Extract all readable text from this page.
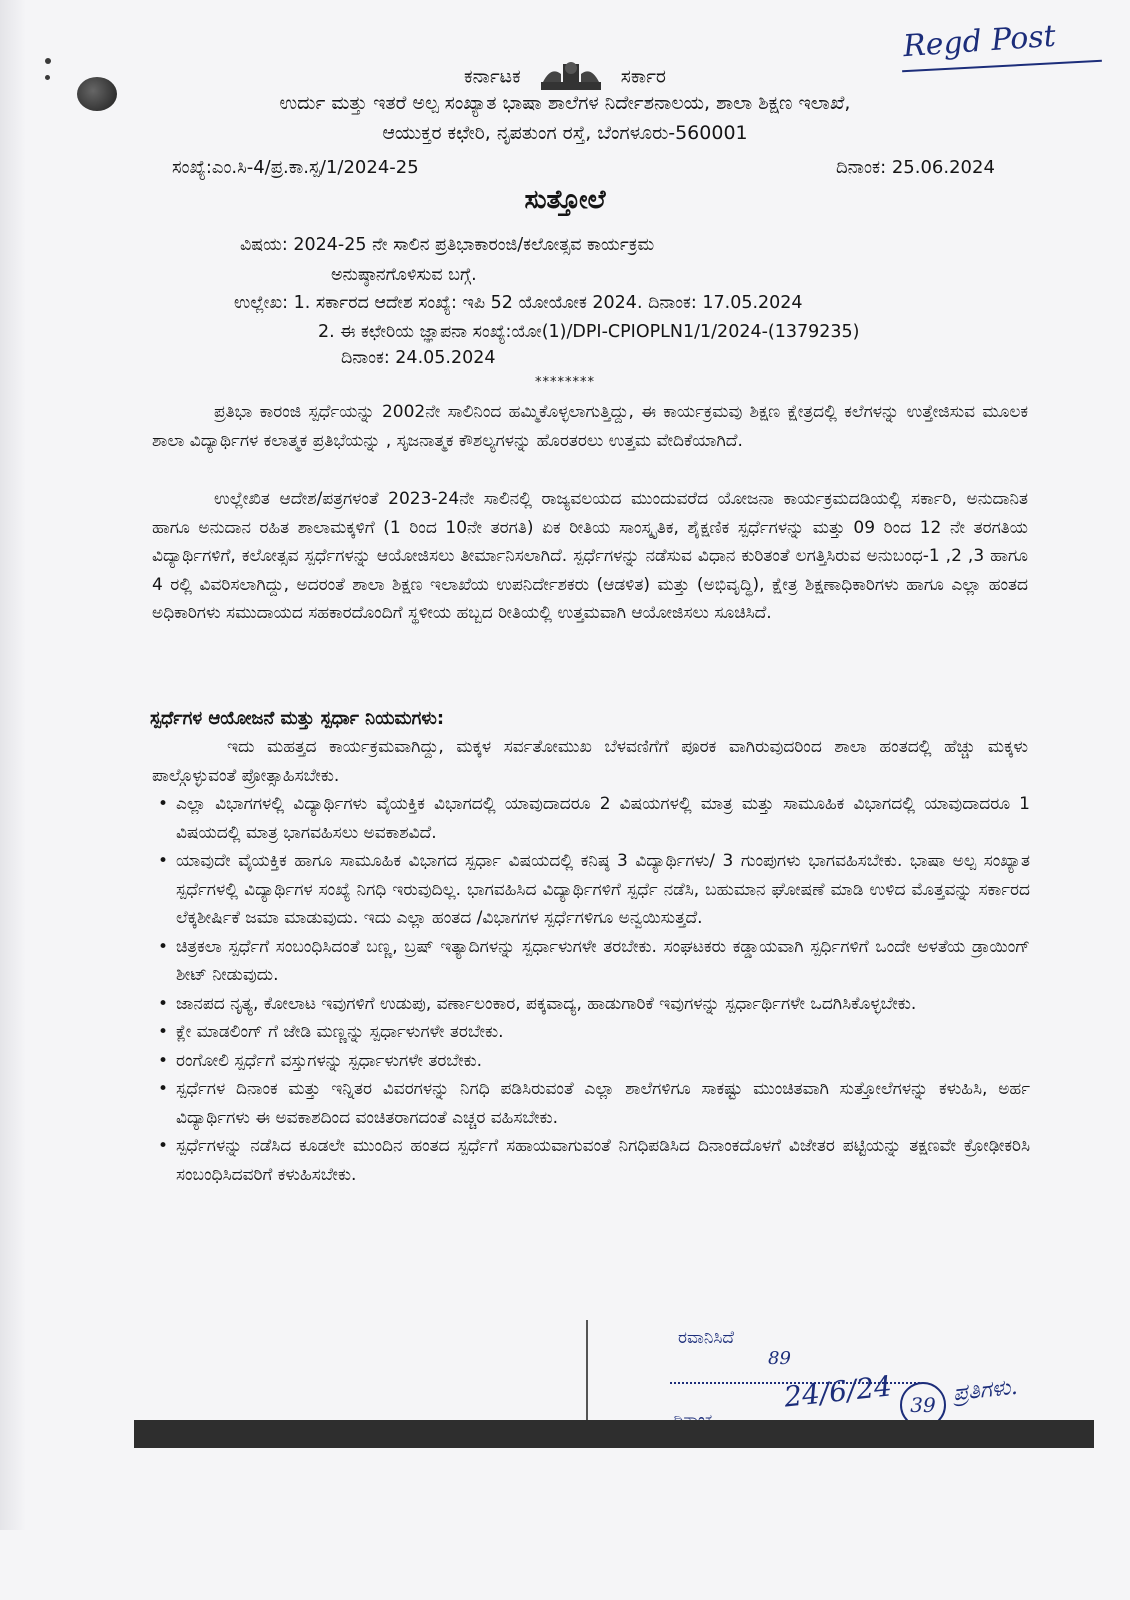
Regd Post
ಕರ್ನಾಟಕ	ಸರ್ಕಾರ
ಉರ್ದು ಮತ್ತು ಇತರೆ ಅಲ್ಪ ಸಂಖ್ಯಾತ ಭಾಷಾ ಶಾಲೆಗಳ ನಿರ್ದೇಶನಾಲಯ, ಶಾಲಾ ಶಿಕ್ಷಣ ಇಲಾಖೆ,
ಆಯುಕ್ತರ ಕಛೇರಿ, ನೃಪತುಂಗ ರಸ್ತೆ, ಬೆಂಗಳೂರು-560001
ಸಂಖ್ಯೆ:ಎಂ.ಸಿ-4/ಪ್ರ.ಕಾ.ಸ್ಪ/1/2024-25	ದಿನಾಂಕ: 25.06.2024
ಸುತ್ತೋಲೆ
ವಿಷಯ: 2024-25 ನೇ ಸಾಲಿನ ಪ್ರತಿಭಾಕಾರಂಜಿ/ಕಲೋತ್ಸವ ಕಾರ್ಯಕ್ರಮ
ಅನುಷ್ಠಾನಗೊಳಿಸುವ ಬಗ್ಗೆ.
ಉಲ್ಲೇಖ: 1. ಸರ್ಕಾರದ ಆದೇಶ ಸಂಖ್ಯೆ: ಇಪಿ 52 ಯೋಯೋಕ 2024. ದಿನಾಂಕ: 17.05.2024
2. ಈ ಕಛೇರಿಯ ಜ್ಞಾಪನಾ ಸಂಖ್ಯೆ:ಯೋ(1)/DPI-CPIOPLN1/1/2024-(1379235)
ದಿನಾಂಕ: 24.05.2024
********
ಪ್ರತಿಭಾ ಕಾರಂಜಿ ಸ್ಪರ್ಧೆಯನ್ನು 2002ನೇ ಸಾಲಿನಿಂದ ಹಮ್ಮಿಕೊಳ್ಳಲಾಗುತ್ತಿದ್ದು, ಈ ಕಾರ್ಯಕ್ರಮವು ಶಿಕ್ಷಣ ಕ್ಷೇತ್ರದಲ್ಲಿ ಕಲೆಗಳನ್ನು ಉತ್ತೇಜಿಸುವ ಮೂಲಕ ಶಾಲಾ ವಿದ್ಯಾರ್ಥಿಗಳ ಕಲಾತ್ಮಕ ಪ್ರತಿಭೆಯನ್ನು , ಸೃಜನಾತ್ಮಕ ಕೌಶಲ್ಯಗಳನ್ನು ಹೊರತರಲು ಉತ್ತಮ ವೇದಿಕೆಯಾಗಿದೆ.
ಉಲ್ಲೇಖಿತ ಆದೇಶ/ಪತ್ರಗಳಂತೆ 2023-24ನೇ ಸಾಲಿನಲ್ಲಿ ರಾಜ್ಯವಲಯದ ಮುಂದುವರೆದ ಯೋಜನಾ ಕಾರ್ಯಕ್ರಮದಡಿಯಲ್ಲಿ ಸರ್ಕಾರಿ, ಅನುದಾನಿತ ಹಾಗೂ ಅನುದಾನ ರಹಿತ ಶಾಲಾಮಕ್ಕಳಿಗೆ (1 ರಿಂದ 10ನೇ ತರಗತಿ) ಏಕ ರೀತಿಯ ಸಾಂಸ್ಕೃತಿಕ, ಶೈಕ್ಷಣಿಕ ಸ್ಪರ್ಧೆಗಳನ್ನು ಮತ್ತು 09 ರಿಂದ 12 ನೇ ತರಗತಿಯ ವಿದ್ಯಾರ್ಥಿಗಳಿಗೆ, ಕಲೋತ್ಸವ ಸ್ಪರ್ಧೆಗಳನ್ನು ಆಯೋಜಿಸಲು ತೀರ್ಮಾನಿಸಲಾಗಿದೆ. ಸ್ಪರ್ಧೆಗಳನ್ನು ನಡೆಸುವ ವಿಧಾನ ಕುರಿತಂತೆ ಲಗತ್ತಿಸಿರುವ ಅನುಬಂಧ-1 ,2 ,3 ಹಾಗೂ 4 ರಲ್ಲಿ ವಿವರಿಸಲಾಗಿದ್ದು, ಅದರಂತೆ ಶಾಲಾ ಶಿಕ್ಷಣ ಇಲಾಖೆಯ ಉಪನಿರ್ದೇಶಕರು (ಆಡಳಿತ) ಮತ್ತು (ಅಭಿವೃದ್ಧಿ), ಕ್ಷೇತ್ರ ಶಿಕ್ಷಣಾಧಿಕಾರಿಗಳು ಹಾಗೂ ಎಲ್ಲಾ ಹಂತದ ಅಧಿಕಾರಿಗಳು ಸಮುದಾಯದ ಸಹಕಾರದೊಂದಿಗೆ ಸ್ಥಳೀಯ ಹಬ್ಬದ ರೀತಿಯಲ್ಲಿ ಉತ್ತಮವಾಗಿ ಆಯೋಜಿಸಲು ಸೂಚಿಸಿದೆ.
ಸ್ಪರ್ಧೆಗಳ ಆಯೋಜನೆ ಮತ್ತು ಸ್ಪರ್ಧಾ ನಿಯಮಗಳು:
ಇದು ಮಹತ್ತದ ಕಾರ್ಯಕ್ರಮವಾಗಿದ್ದು, ಮಕ್ಕಳ ಸರ್ವತೋಮುಖ ಬೆಳವಣಿಗೆಗೆ ಪೂರಕ ವಾಗಿರುವುದರಿಂದ ಶಾಲಾ ಹಂತದಲ್ಲಿ ಹೆಚ್ಚು ಮಕ್ಕಳು ಪಾಲ್ಗೊಳ್ಳುವಂತೆ ಪ್ರೋತ್ಸಾಹಿಸಬೇಕು.
• ಎಲ್ಲಾ ವಿಭಾಗಗಳಲ್ಲಿ ವಿದ್ಯಾರ್ಥಿಗಳು ವೈಯಕ್ತಿಕ ವಿಭಾಗದಲ್ಲಿ ಯಾವುದಾದರೂ 2 ವಿಷಯಗಳಲ್ಲಿ ಮಾತ್ರ ಮತ್ತು ಸಾಮೂಹಿಕ ವಿಭಾಗದಲ್ಲಿ ಯಾವುದಾದರೂ 1 ವಿಷಯದಲ್ಲಿ ಮಾತ್ರ ಭಾಗವಹಿಸಲು ಅವಕಾಶವಿದೆ.
• ಯಾವುದೇ ವೈಯಕ್ತಿಕ ಹಾಗೂ ಸಾಮೂಹಿಕ ವಿಭಾಗದ ಸ್ಪರ್ಧಾ ವಿಷಯದಲ್ಲಿ ಕನಿಷ್ಠ 3 ವಿದ್ಯಾರ್ಥಿಗಳು/ 3 ಗುಂಪುಗಳು ಭಾಗವಹಿಸಬೇಕು. ಭಾಷಾ ಅಲ್ಪ ಸಂಖ್ಯಾತ ಸ್ಪರ್ಧೆಗಳಲ್ಲಿ ವಿದ್ಯಾರ್ಥಿಗಳ ಸಂಖ್ಯೆ ನಿಗಧಿ ಇರುವುದಿಲ್ಲ. ಭಾಗವಹಿಸಿದ ವಿದ್ಯಾರ್ಥಿಗಳಿಗೆ ಸ್ಪರ್ಧೆ ನಡೆಸಿ, ಬಹುಮಾನ ಘೋಷಣೆ ಮಾಡಿ ಉಳಿದ ಮೊತ್ತವನ್ನು ಸರ್ಕಾರದ ಲೆಕ್ಕಶೀರ್ಷಿಕೆ ಜಮಾ ಮಾಡುವುದು. ಇದು ಎಲ್ಲಾ ಹಂತದ /ವಿಭಾಗಗಳ ಸ್ಪರ್ಧೆಗಳಿಗೂ ಅನ್ವಯಿಸುತ್ತದೆ.
• ಚಿತ್ರಕಲಾ ಸ್ಪರ್ಧೆಗೆ ಸಂಬಂಧಿಸಿದಂತೆ ಬಣ್ಣ, ಬ್ರಷ್ ಇತ್ಯಾದಿಗಳನ್ನು ಸ್ಪರ್ಧಾಳುಗಳೇ ತರಬೇಕು. ಸಂಘಟಕರು ಕಡ್ಡಾಯವಾಗಿ ಸ್ಪರ್ಧಿಗಳಿಗೆ ಒಂದೇ ಅಳತೆಯ ಡ್ರಾಯಿಂಗ್ ಶೀಟ್ ನೀಡುವುದು.
• ಜಾನಪದ ನೃತ್ಯ, ಕೋಲಾಟ ಇವುಗಳಿಗೆ ಉಡುಪು, ವರ್ಣಾಲಂಕಾರ, ಪಕ್ಕವಾದ್ಯ, ಹಾಡುಗಾರಿಕೆ ಇವುಗಳನ್ನು ಸ್ಪರ್ಧಾರ್ಥಿಗಳೇ ಒದಗಿಸಿಕೊಳ್ಳಬೇಕು.
• ಕ್ಲೇ ಮಾಡಲಿಂಗ್ ಗೆ ಜೇಡಿ ಮಣ್ಣನ್ನು ಸ್ಪರ್ಧಾಳುಗಳೇ ತರಬೇಕು.
• ರಂಗೋಲಿ ಸ್ಪರ್ಧೆಗೆ ವಸ್ತುಗಳನ್ನು ಸ್ಪರ್ಧಾಳುಗಳೇ ತರಬೇಕು.
• ಸ್ಪರ್ಧೆಗಳ ದಿನಾಂಕ ಮತ್ತು ಇನ್ನಿತರ ವಿವರಗಳನ್ನು ನಿಗಧಿ ಪಡಿಸಿರುವಂತೆ ಎಲ್ಲಾ ಶಾಲೆಗಳಿಗೂ ಸಾಕಷ್ಟು ಮುಂಚಿತವಾಗಿ ಸುತ್ತೋಲೆಗಳನ್ನು ಕಳುಹಿಸಿ, ಅರ್ಹ ವಿದ್ಯಾರ್ಥಿಗಳು ಈ ಅವಕಾಶದಿಂದ ವಂಚಿತರಾಗದಂತೆ ಎಚ್ಚರ ವಹಿಸಬೇಕು.
• ಸ್ಪರ್ಧೆಗಳನ್ನು ನಡೆಸಿದ ಕೂಡಲೇ ಮುಂದಿನ ಹಂತದ ಸ್ಪರ್ಧೆಗೆ ಸಹಾಯವಾಗುವಂತೆ ನಿಗಧಿಪಡಿಸಿದ ದಿನಾಂಕದೊಳಗೆ ವಿಜೇತರ ಪಟ್ಟಿಯನ್ನು ತಕ್ಷಣವೇ ಕ್ರೋಢೀಕರಿಸಿ ಸಂಬಂಧಿಸಿದವರಿಗೆ ಕಳುಹಿಸಬೇಕು.
ರವಾನಿಸಿದೆ
89
24/6/24 39 ಪ್ರತಿಗಳು.
